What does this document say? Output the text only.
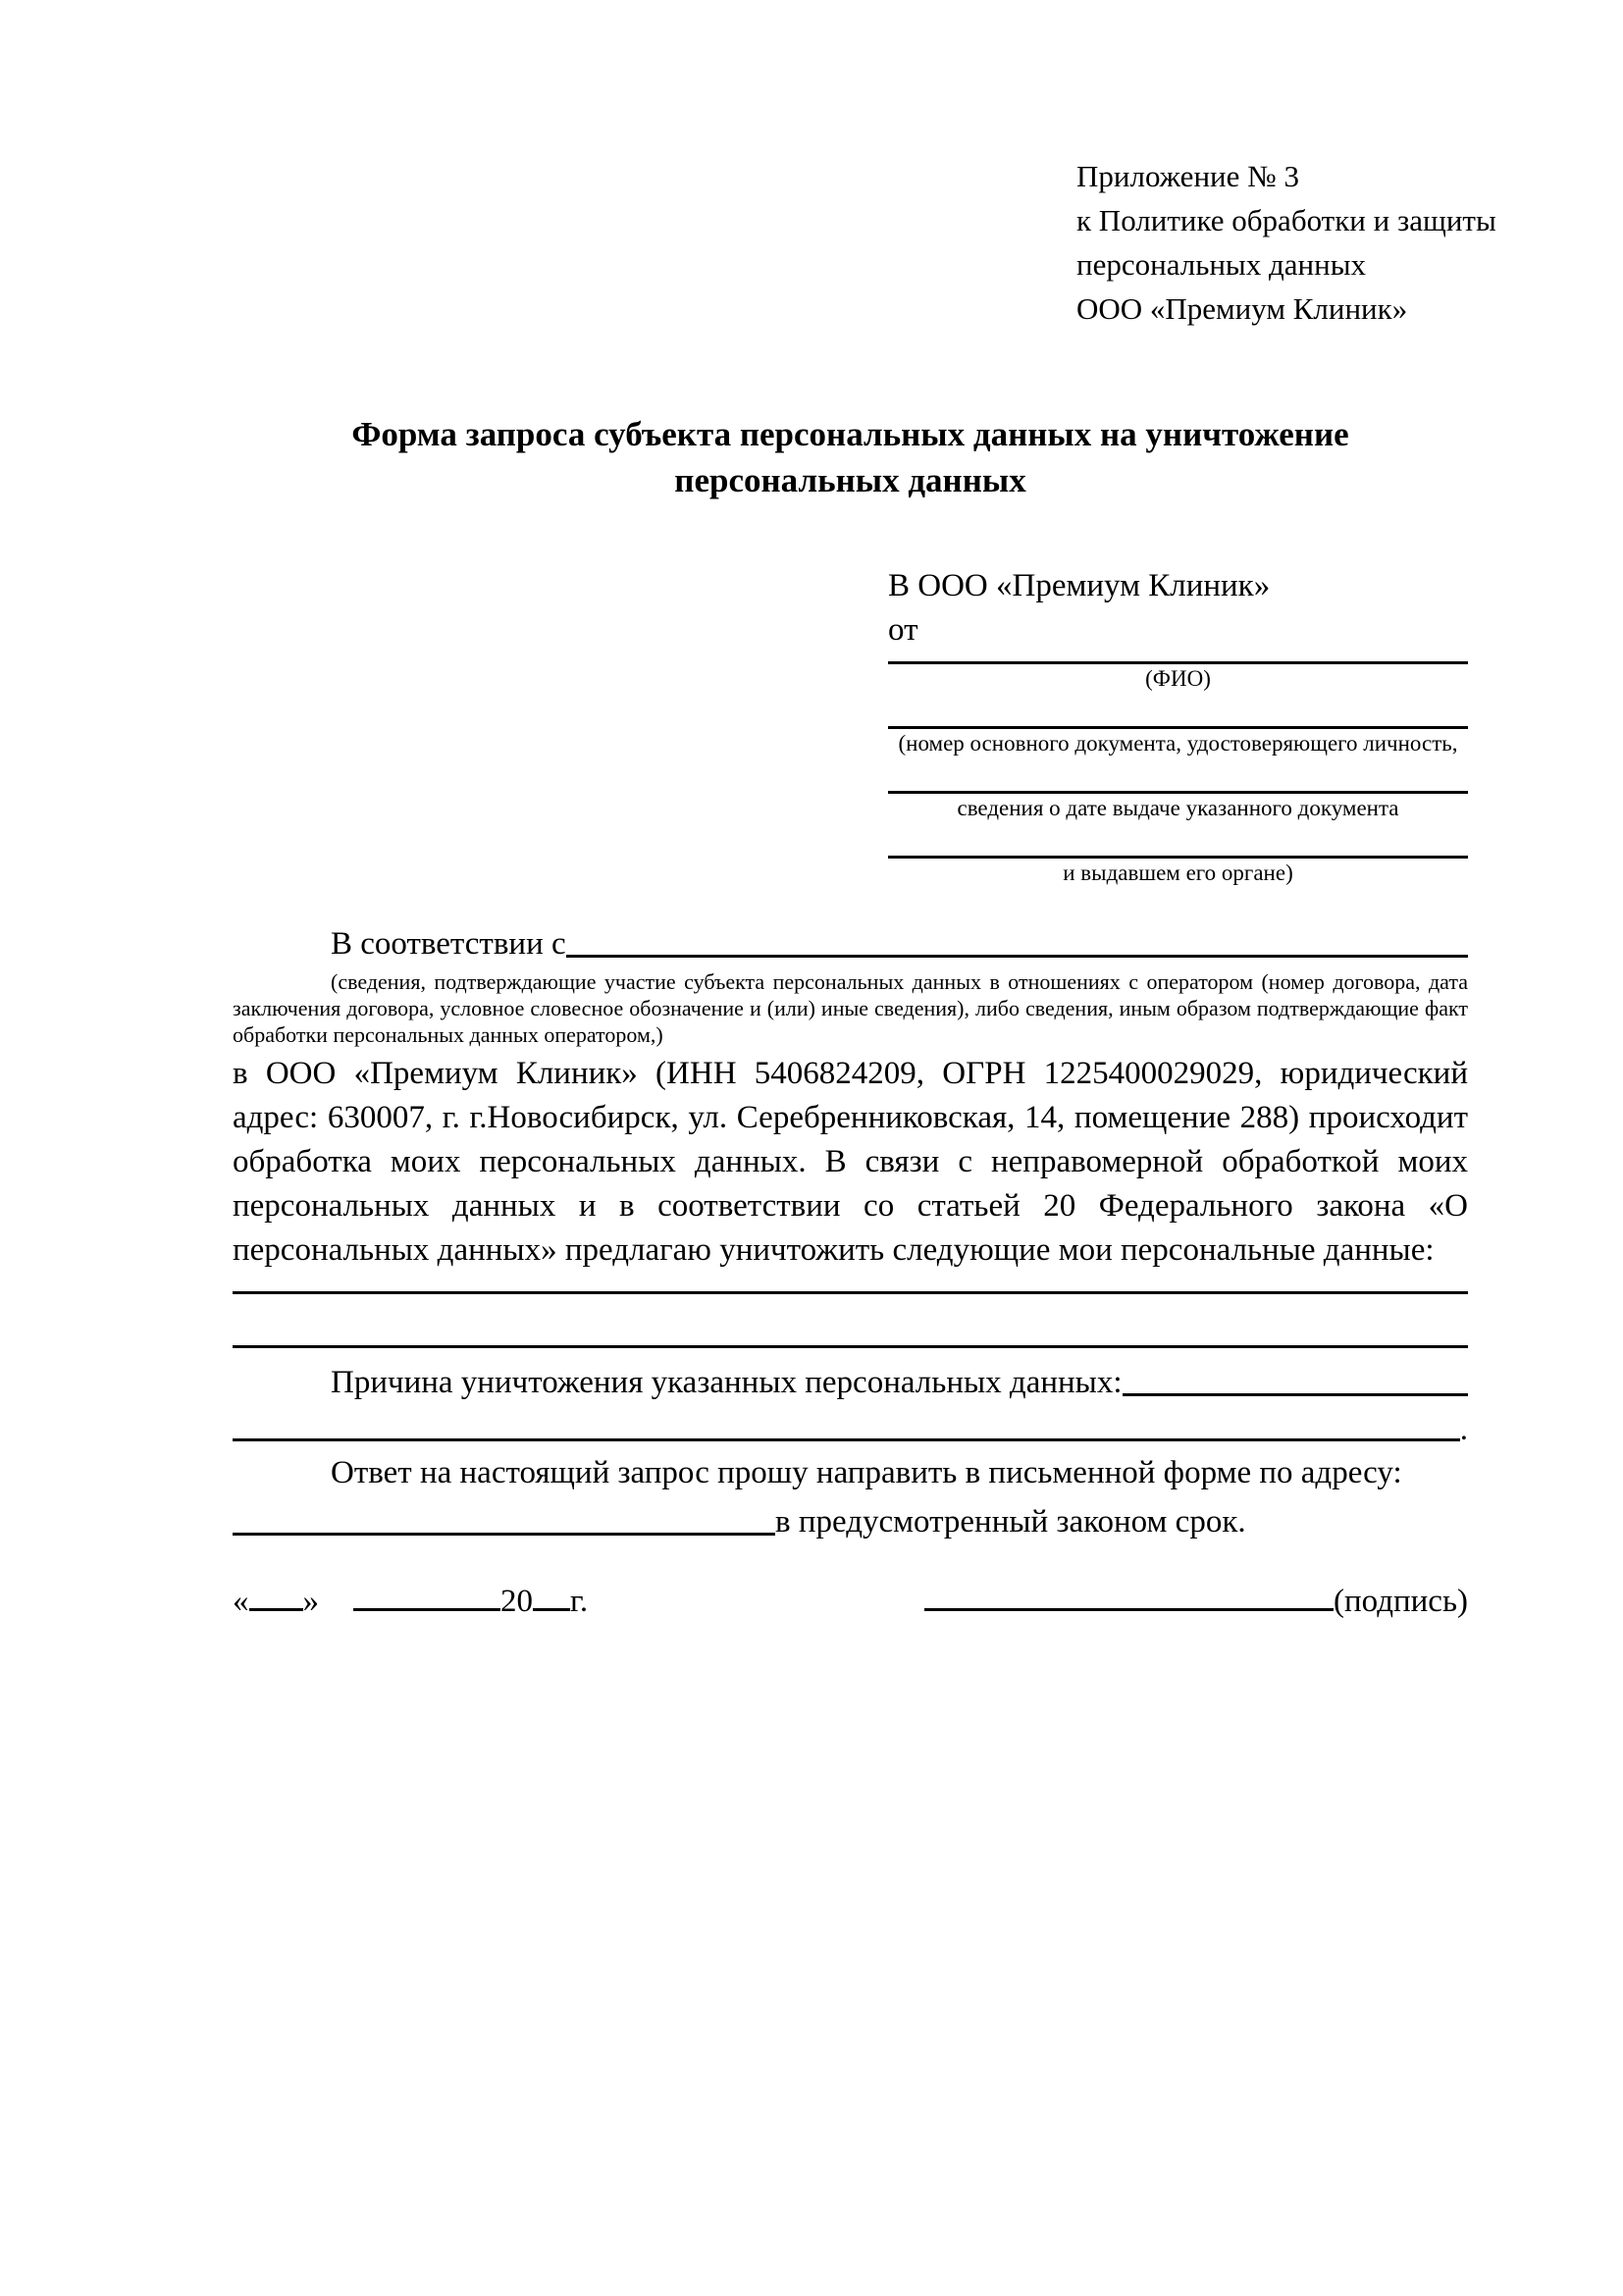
Приложение № 3
к Политике обработки и защиты
персональных данных
ООО «Премиум Клиник»
Форма запроса субъекта персональных данных на уничтожение персональных данных
В ООО «Премиум Клиник»
от
(ФИО)
(номер основного документа, удостоверяющего личность,
сведения о дате выдаче указанного документа
и выдавшем его органе)
В соответствии с
(сведения, подтверждающие участие субъекта персональных данных в отношениях с оператором (номер договора, дата заключения договора, условное словесное обозначение и (или) иные сведения), либо сведения, иным образом подтверждающие факт обработки персональных данных оператором,)
в ООО «Премиум Клиник» (ИНН 5406824209, ОГРН 1225400029029, юридический адрес: 630007, г. г.Новосибирск, ул. Серебренниковская, 14, помещение 288) происходит обработка моих персональных данных. В связи с неправомерной обработкой моих персональных данных и в соответствии со статьей 20 Федерального закона «О персональных данных» предлагаю уничтожить следующие мои персональные данные:
Причина уничтожения указанных персональных данных:
.
Ответ на настоящий запрос прошу направить в письменной форме по адресу:
в предусмотренный законом срок.
« »	20 г.	(подпись)
